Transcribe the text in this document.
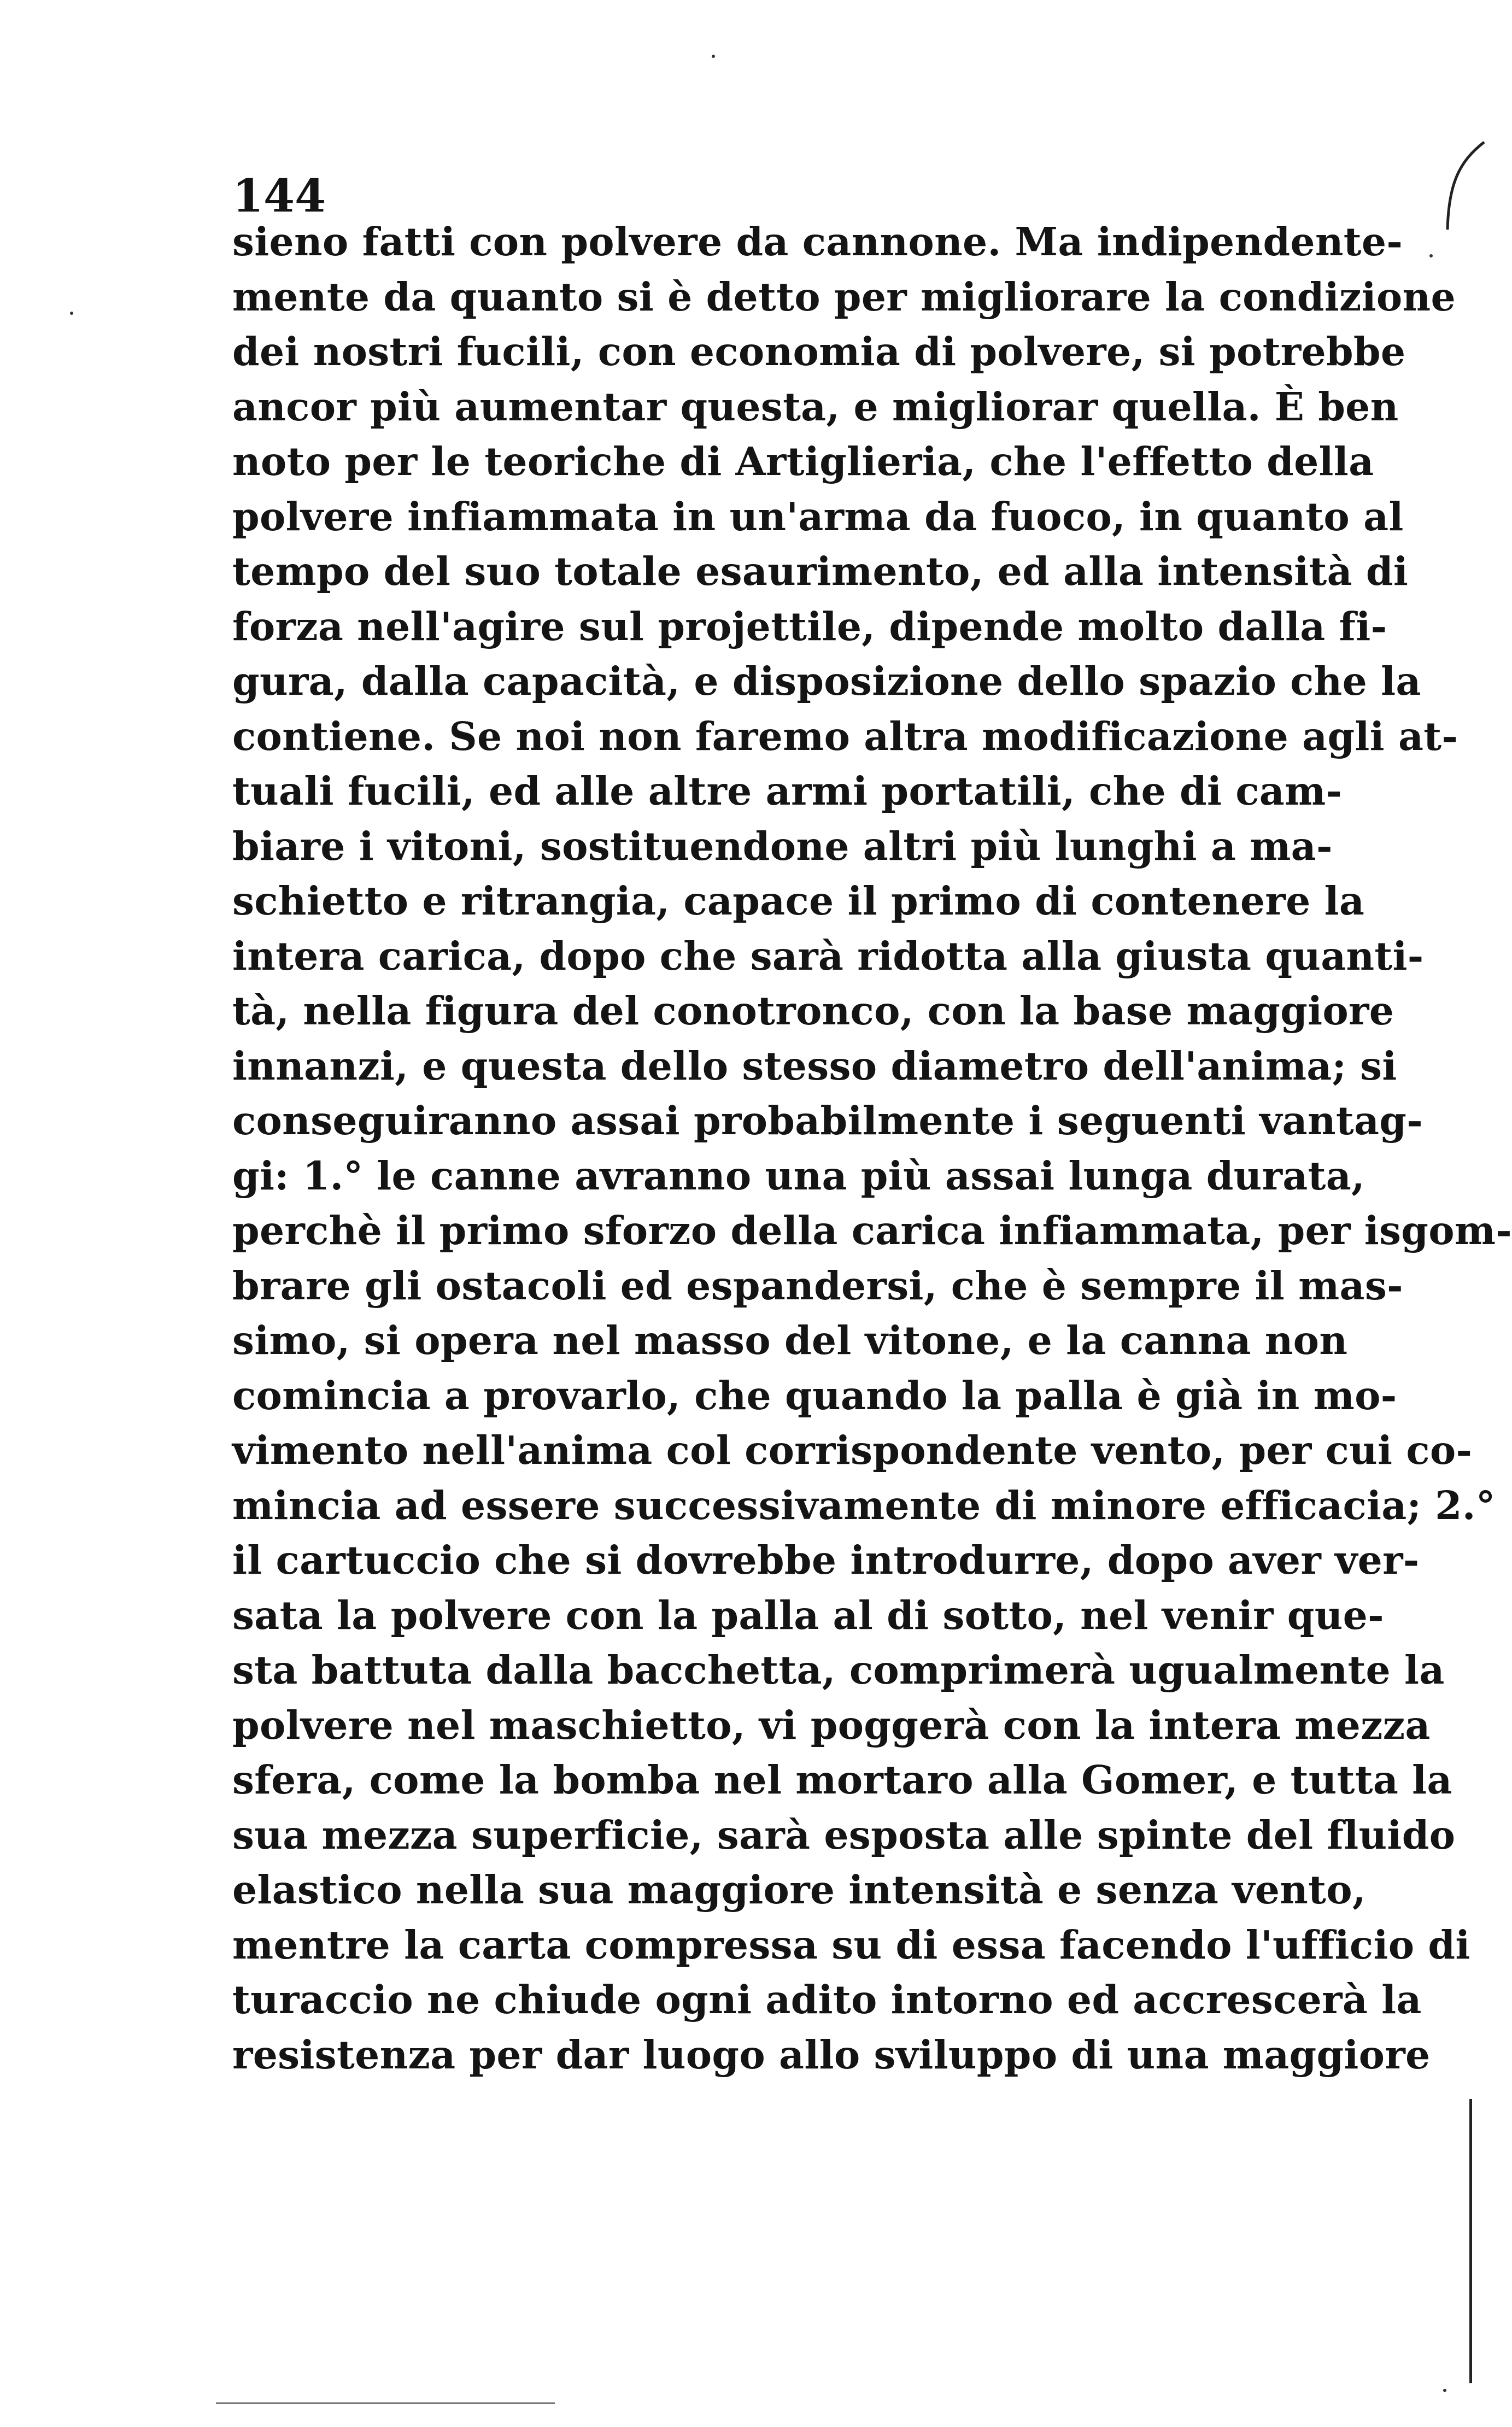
144
sieno fatti con polvere da cannone. Ma indipendente-
mente da quanto si è detto per migliorare la condizione
dei nostri fucili, con economia di polvere, si potrebbe
ancor più aumentar questa, e migliorar quella. È ben
noto per le teoriche di Artiglieria, che l'effetto della
polvere infiammata in un'arma da fuoco, in quanto al
tempo del suo totale esaurimento, ed alla intensità di
forza nell'agire sul projettile, dipende molto dalla fi-
gura, dalla capacità, e disposizione dello spazio che la
contiene. Se noi non faremo altra modificazione agli at-
tuali fucili, ed alle altre armi portatili, che di cam-
biare i vitoni, sostituendone altri più lunghi a ma-
schietto e ritrangia, capace il primo di contenere la
intera carica, dopo che sarà ridotta alla giusta quanti-
tà, nella figura del conotronco, con la base maggiore
innanzi, e questa dello stesso diametro dell'anima; si
conseguiranno assai probabilmente i seguenti vantag-
gi: 1.° le canne avranno una più assai lunga durata,
perchè il primo sforzo della carica infiammata, per isgom-
brare gli ostacoli ed espandersi, che è sempre il mas-
simo, si opera nel masso del vitone, e la canna non
comincia a provarlo, che quando la palla è già in mo-
vimento nell'anima col corrispondente vento, per cui co-
mincia ad essere successivamente di minore efficacia; 2.°
il cartuccio che si dovrebbe introdurre, dopo aver ver-
sata la polvere con la palla al di sotto, nel venir que-
sta battuta dalla bacchetta, comprimerà ugualmente la
polvere nel maschietto, vi poggerà con la intera mezza
sfera, come la bomba nel mortaro alla Gomer, e tutta la
sua mezza superficie, sarà esposta alle spinte del fluido
elastico nella sua maggiore intensità e senza vento,
mentre la carta compressa su di essa facendo l'ufficio di
turaccio ne chiude ogni adito intorno ed accrescerà la
resistenza per dar luogo allo sviluppo di una maggiore
